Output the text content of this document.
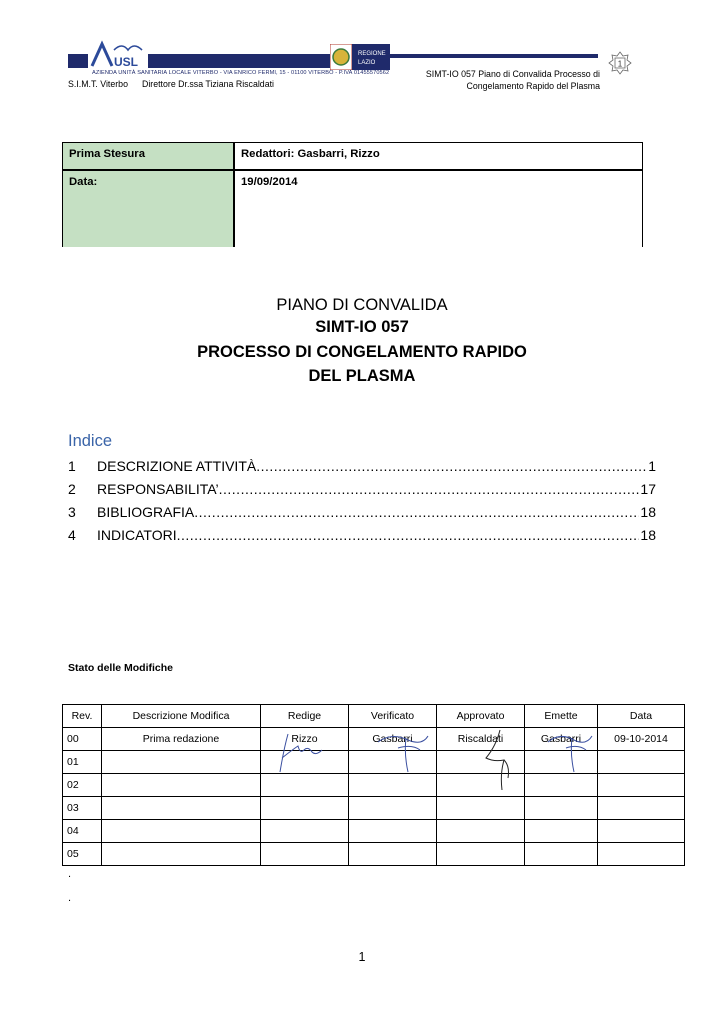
USL
REGIONE
LAZIO
AZIENDA UNITÀ SANITARIA LOCALE VITERBO - VIA ENRICO FERMI, 15 - 01100 VITERBO - P.IVA 01455570562
S.I.M.T. Viterbo Direttore Dr.ssa Tiziana Riscaldati
SIMT-IO 057 Piano di Convalida Processo di
Congelamento Rapido del Plasma
1
Prima Stesura	Redattori: Gasbarri, Rizzo
Data:	19/09/2014
PIANO DI CONVALIDA
SIMT-IO 057
PROCESSO DI CONGELAMENTO RAPIDO
DEL PLASMA
Indice
1	DESCRIZIONE ATTIVITÀ .....	1
2	RESPONSABILITA’ .....	17
3	BIBLIOGRAFIA .....	18
4	INDICATORI .....	18
Stato delle Modifiche
Rev.	Descrizione Modifica	Redige	Verificato	Approvato	Emette	Data
00	Prima redazione	Rizzo	Gasbarri	Riscaldati	Gasbarri	09-10-2014
01						
02						
03						
04						
05						
.
.
1
